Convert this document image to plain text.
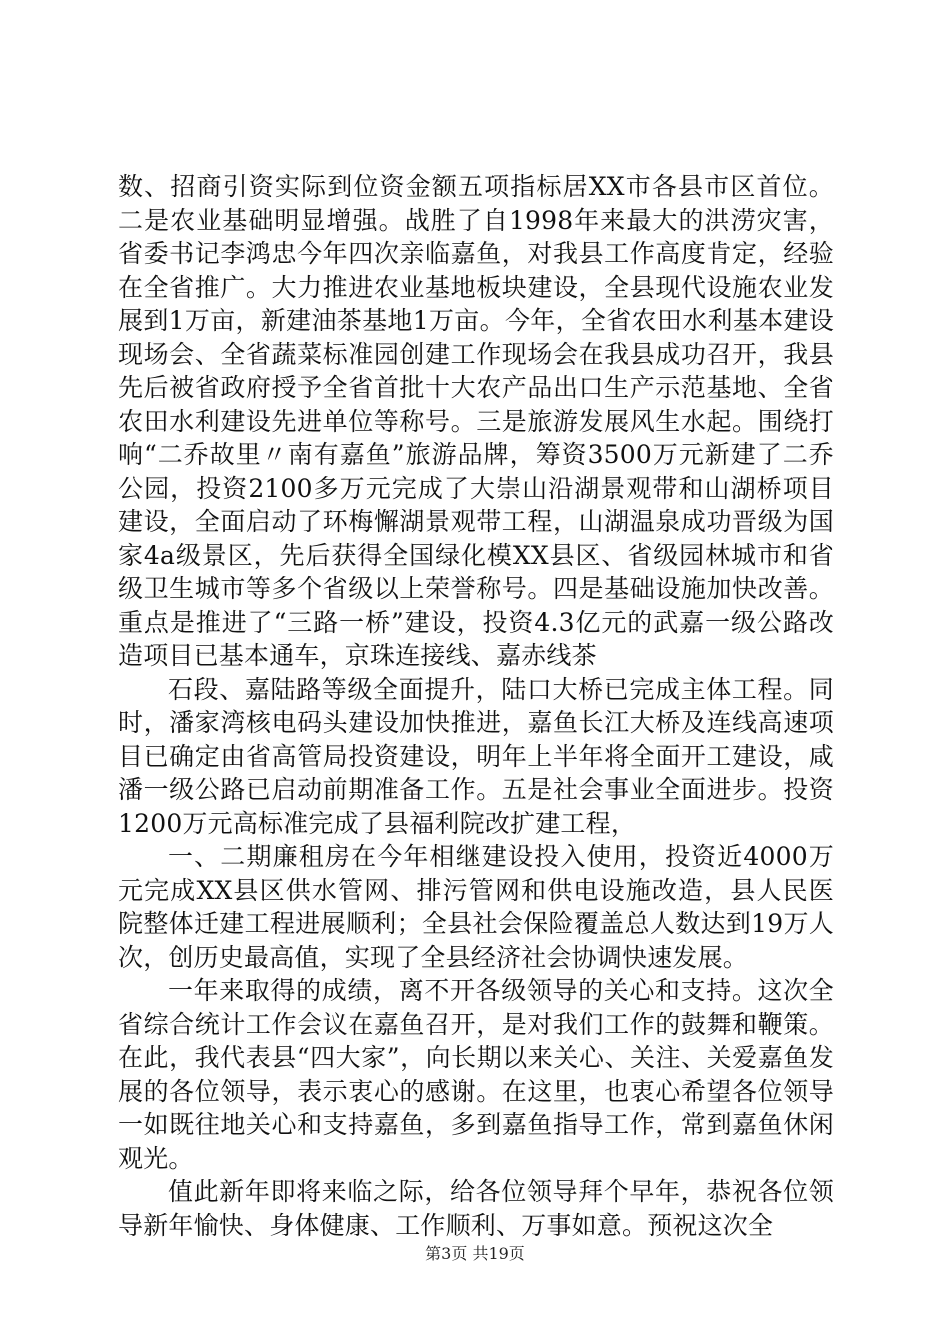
数、招商引资实际到位资金额五项指标居XX市各县市区首位。二是农业基础明显增强。战胜了自1998年来最大的洪涝灾害，省委书记李鸿忠今年四次亲临嘉鱼，对我县工作高度肯定，经验在全省推广。大力推进农业基地板块建设，全县现代设施农业发展到1万亩，新建油茶基地1万亩。今年，全省农田水利基本建设现场会、全省蔬菜标准园创建工作现场会在我县成功召开，我县先后被省政府授予全省首批十大农产品出口生产示范基地、全省农田水利建设先进单位等称号。三是旅游发展风生水起。围绕打响“二乔故里〃南有嘉鱼”旅游品牌，筹资3500万元新建了二乔公园，投资2100多万元完成了大崇山沿湖景观带和山湖桥项目建设，全面启动了环梅懈湖景观带工程，山湖温泉成功晋级为国家4a级景区，先后获得全国绿化模XX县区、省级园林城市和省级卫生城市等多个省级以上荣誉称号。四是基础设施加快改善。重点是推进了“三路一桥”建设，投资4.3亿元的武嘉一级公路改造项目已基本通车，京珠连接线、嘉赤线茶

石段、嘉陆路等级全面提升，陆口大桥已完成主体工程。同时，潘家湾核电码头建设加快推进，嘉鱼长江大桥及连线高速项目已确定由省高管局投资建设，明年上半年将全面开工建设，咸潘一级公路已启动前期准备工作。五是社会事业全面进步。投资1200万元高标准完成了县福利院改扩建工程，

一、二期廉租房在今年相继建设投入使用，投资近4000万元完成XX县区供水管网、排污管网和供电设施改造，县人民医院整体迁建工程进展顺利；全县社会保险覆盖总人数达到19万人次，创历史最高值，实现了全县经济社会协调快速发展。

一年来取得的成绩，离不开各级领导的关心和支持。这次全省综合统计工作会议在嘉鱼召开，是对我们工作的鼓舞和鞭策。在此，我代表县“四大家”，向长期以来关心、关注、关爱嘉鱼发展的各位领导，表示衷心的感谢。在这里，也衷心希望各位领导一如既往地关心和支持嘉鱼，多到嘉鱼指导工作，常到嘉鱼休闲观光。

值此新年即将来临之际，给各位领导拜个早年，恭祝各位领导新年愉快、身体健康、工作顺利、万事如意。预祝这次全

第3页 共19页
